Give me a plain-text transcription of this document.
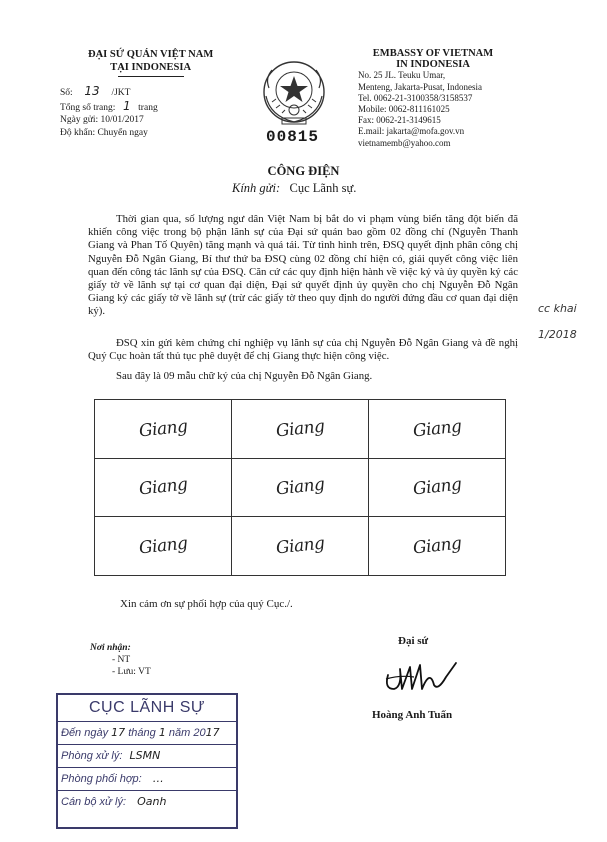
ĐẠI SỨ QUÁN VIỆT NAM
TẠI INDONESIA
Số: 13 /JKT
Tổng số trang: 1 trang
Ngày gửi: 10/01/2017
Độ khẩn: Chuyển ngay
EMBASSY OF VIETNAM
IN INDONESIA
No. 25 JL. Teuku Umar,
Menteng, Jakarta-Pusat, Indonesia
Tel. 0062-21-3100358/3158537
Mobile: 0062-811161025
Fax: 0062-21-3149615
E.mail: jakarta@mofa.gov.vn
vietnamemb@yahoo.com
00815
CÔNG ĐIỆN
Kính gửi: Cục Lãnh sự.
Thời gian qua, số lượng ngư dân Việt Nam bị bắt do vi phạm vùng biển tăng đột biến đã khiến công việc trong bộ phận lãnh sự của Đại sứ quán bao gồm 02 đồng chí (Nguyễn Thanh Giang và Phan Tố Quyên) tăng mạnh và quá tải. Từ tình hình trên, ĐSQ quyết định phân công chị Nguyễn Đỗ Ngân Giang, Bí thư thứ ba ĐSQ cùng 02 đồng chí hiện có, giải quyết công việc liên quan đến công tác lãnh sự của ĐSQ. Căn cứ các quy định hiện hành về việc ký và ủy quyền ký các giấy tờ về lãnh sự tại cơ quan đại diện, Đại sứ quyết định ủy quyền cho chị Nguyễn Đỗ Ngân Giang ký các giấy tờ về lãnh sự (trừ các giấy tờ theo quy định do người đứng đầu cơ quan đại diện ký).
ĐSQ xin gửi kèm chứng chỉ nghiệp vụ lãnh sự của chị Nguyễn Đỗ Ngân Giang và đề nghị Quý Cục hoàn tất thủ tục phê duyệt để chị Giang thực hiện công việc.
Sau đây là 09 mẫu chữ ký của chị Nguyễn Đỗ Ngân Giang.
cc khai
1/2018
Giang	Giang	Giang
Giang	Giang	Giang
Giang	Giang	Giang
Xin cảm ơn sự phối hợp của quý Cục./.
Nơi nhận:
- NT
- Lưu: VT
Đại sứ
Hoàng Anh Tuấn
CỤC LÃNH SỰ
Đến ngày 17 tháng 1 năm 2017
Phòng xử lý: LSMN
Phòng phối hợp: …
Cán bộ xử lý: Oanh
